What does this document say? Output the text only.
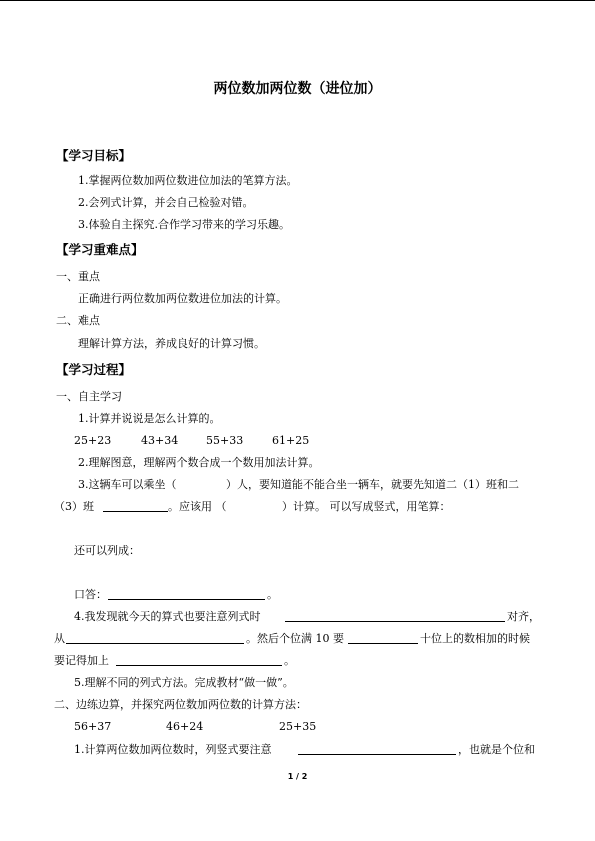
两位数加两位数（进位加）
【学习目标】
1.掌握两位数加两位数进位加法的笔算方法。
2.会列式计算，并会自己检验对错。
3.体验自主探究.合作学习带来的学习乐趣。
【学习重难点】
一、重点
正确进行两位数加两位数进位加法的计算。
二、难点
理解计算方法，养成良好的计算习惯。
【学习过程】
一、自主学习
1.计算并说说是怎么计算的。
25+23	43+34	55+33	61+25
2.理解图意，理解两个数合成一个数用加法计算。
3.这辆车可以乘坐（	）人，要知道能不能合坐一辆车，就要先知道二（1）班和二
（3）班	。应该用 （	）计算。 可以写成竖式，用笔算：
还可以列成：
口答：	。
4.我发现就今天的算式也要注意列式时	对齐，
从	。然后个位满 10 要	十位上的数相加的时候
要记得加上	。
5.理解不同的列式方法。完成教材“做一做”。
二、边练边算，并探究两位数加两位数的计算方法：
56+37	46+24	25+35
1.计算两位数加两位数时，列竖式要注意	，也就是个位和
1 / 2
